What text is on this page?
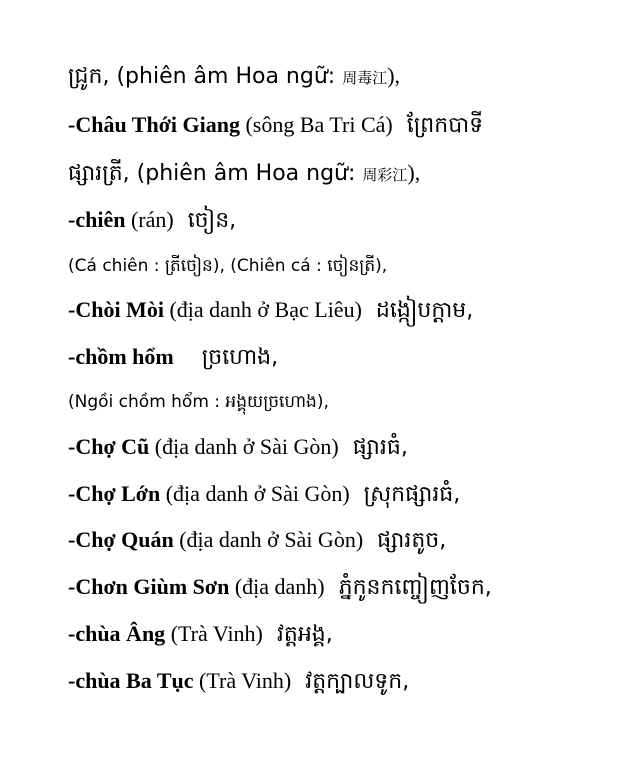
ជ្រូក, (phiên âm Hoa ngữ: 周毒江),
-Châu Thới Giang (sông Ba Tri Cá) ព្រែកបាទី
ផ្សារត្រី, (phiên âm Hoa ngữ: 周彩江),
-chiên (rán) ចៀន,
(Cá chiên : ត្រីចៀន), (Chiên cá : ចៀនត្រី),
-Chòi Mòi (địa danh ở Bạc Liêu) ដង្កៀបក្តាម,
-chồm hổm ច្រហោង,
(Ngồi chồm hổm : អង្គុយច្រហោង),
-Chợ Cũ (địa danh ở Sài Gòn) ផ្សារធំ,
-Chợ Lớn (địa danh ở Sài Gòn) ស្រុកផ្សារធំ,
-Chợ Quán (địa danh ở Sài Gòn) ផ្សារតូច,
-Chơn Giùm Sơn (địa danh) ភ្នំកូនកញ្ចៀញចែក,
-chùa Âng (Trà Vinh) វត្តអង្គ,
-chùa Ba Tục (Trà Vinh) វត្តក្បាលទូក,
